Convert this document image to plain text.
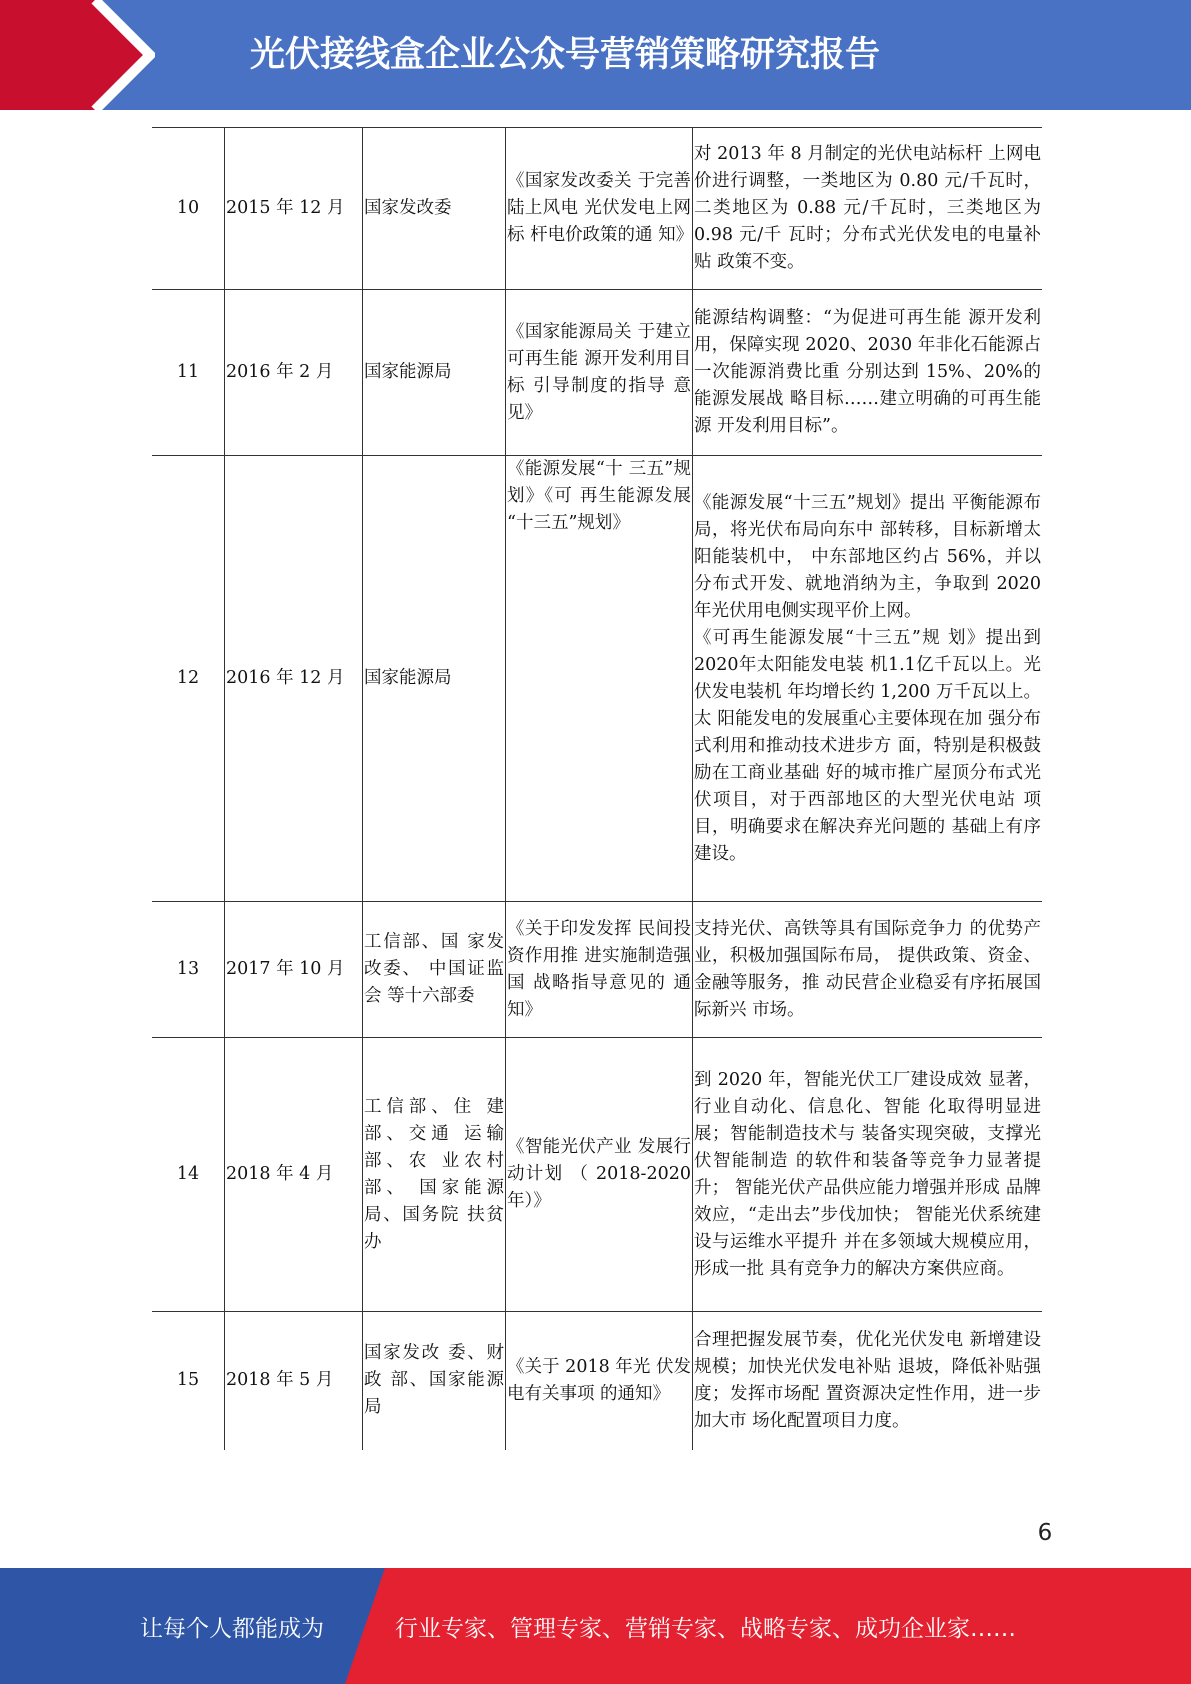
光伏接线盒企业公众号营销策略研究报告
10	2015 年 12 月	国家发改委	《国家发改委关 于完善陆上风电 光伏发电上网标 杆电价政策的通 知》	对 2013 年 8 月制定的光伏电站标杆 上网电价进行调整，一类地区为 0.80 元/千瓦时，二类地区为 0.88 元/千瓦时，三类地区为 0.98 元/千 瓦时；分布式光伏发电的电量补贴 政策不变。
11	2016 年 2 月	国家能源局	《国家能源局关 于建立可再生能 源开发利用目标 引导制度的指导 意见》	能源结构调整：“为促进可再生能 源开发利用，保障实现 2020、2030 年非化石能源占一次能源消费比重 分别达到 15%、20%的能源发展战 略目标……建立明确的可再生能源 开发利用目标”。
12	2016 年 12 月	国家能源局	《能源发展“十 三五”规划》《可 再生能源发展 “十三五”规划》	《能源发展“十三五”规划》提出 平衡能源布局，将光伏布局向东中 部转移，目标新增太阳能装机中， 中东部地区约占 56%，并以分布式开发、就地消纳为主，争取到 2020 年光伏用电侧实现平价上网。
《可再生能源发展“十三五”规 划》提出到2020年太阳能发电装 机1.1亿千瓦以上。光伏发电装机 年均增长约 1,200 万千瓦以上。太 阳能发电的发展重心主要体现在加 强分布式利用和推动技术进步方 面，特别是积极鼓励在工商业基础 好的城市推广屋顶分布式光伏项目，对于西部地区的大型光伏电站 项目，明确要求在解决弃光问题的 基础上有序建设。

13	2017 年 10 月	工信部、国 家发改委、 中国证监会 等十六部委	《关于印发发挥 民间投资作用推 进实施制造强国 战略指导意见的 通知》	支持光伏、高铁等具有国际竞争力 的优势产业，积极加强国际布局， 提供政策、资金、金融等服务，推 动民营企业稳妥有序拓展国际新兴 市场。
14	2018 年 4 月	工信部、住 建部、交通 运输部、农 业农村部、 国家能源局、国务院 扶贫办	《智能光伏产业 发展行动计划 （ 2018-2020 年）》	到 2020 年，智能光伏工厂建设成效 显著，行业自动化、信息化、智能 化取得明显进展；智能制造技术与 装备实现突破，支撑光伏智能制造 的软件和装备等竞争力显著提升； 智能光伏产品供应能力增强并形成 品牌效应，“走出去”步伐加快； 智能光伏系统建设与运维水平提升 并在多领域大规模应用，形成一批 具有竞争力的解决方案供应商。
15	2018 年 5 月	国家发改 委、财政 部、国家能源局	《关于 2018 年光 伏发电有关事项 的通知》	合理把握发展节奏，优化光伏发电 新增建设规模；加快光伏发电补贴 退坡，降低补贴强度；发挥市场配 置资源决定性作用，进一步加大市 场化配置项目力度。
6
让每个人都能成为	行业专家、管理专家、营销专家、战略专家、成功企业家……
